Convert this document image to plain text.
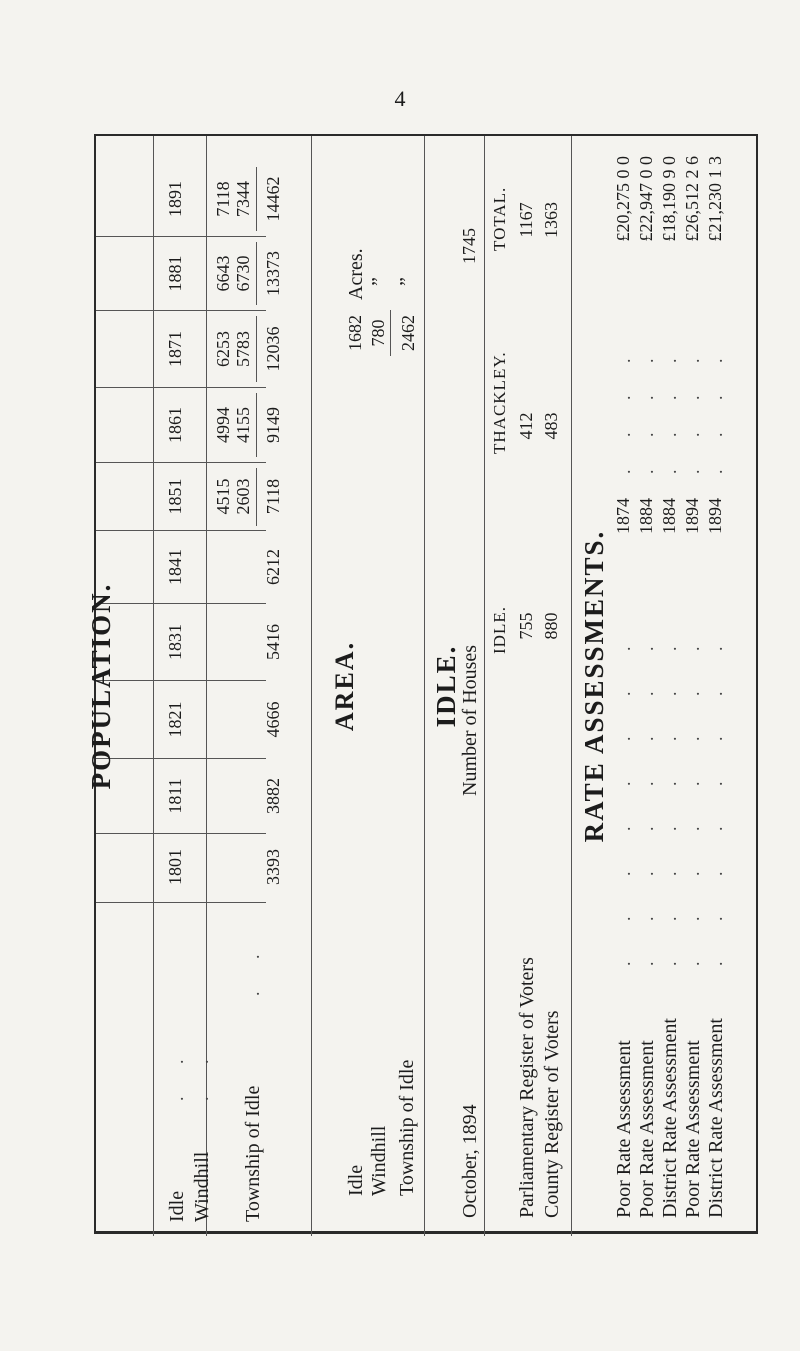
4
POPULATION.
Idle Windhill Township of Idle
. . . .
. .
1801
1811
1821
1831
1841
1851
1861
1871
1881
1891
4515 2603
4994 4155
6253 5783
6643 6730
7118 7344
3393
3882
4666
5416
6212
7118
9149
12036
13373
14462
AREA.
Idle Windhill Township of Idle
1682 780 2462
Acres. ” ”
IDLE.
October, 1894
Number of Houses
1745
IDLE.
THACKLEY.
TOTAL.
Parliamentary Register of Voters County Register of Voters
755 880
412 483
1167 1363
RATE ASSESSMENTS.
Poor Rate Assessment Poor Rate Assessment District Rate Assessment Poor Rate Assessment District Rate Assessment
. . . . . . . . . . . . . . . . . . . . . . . . . . . . . . . . . . . . . . . .
1874 1884 1884 1894 1894
. . . . . . . . . . . . . . . . . . . .
£20,275 0 0 £22,947 0 0 £18,190 9 0 £26,512 2 6 £21,230 1 3
